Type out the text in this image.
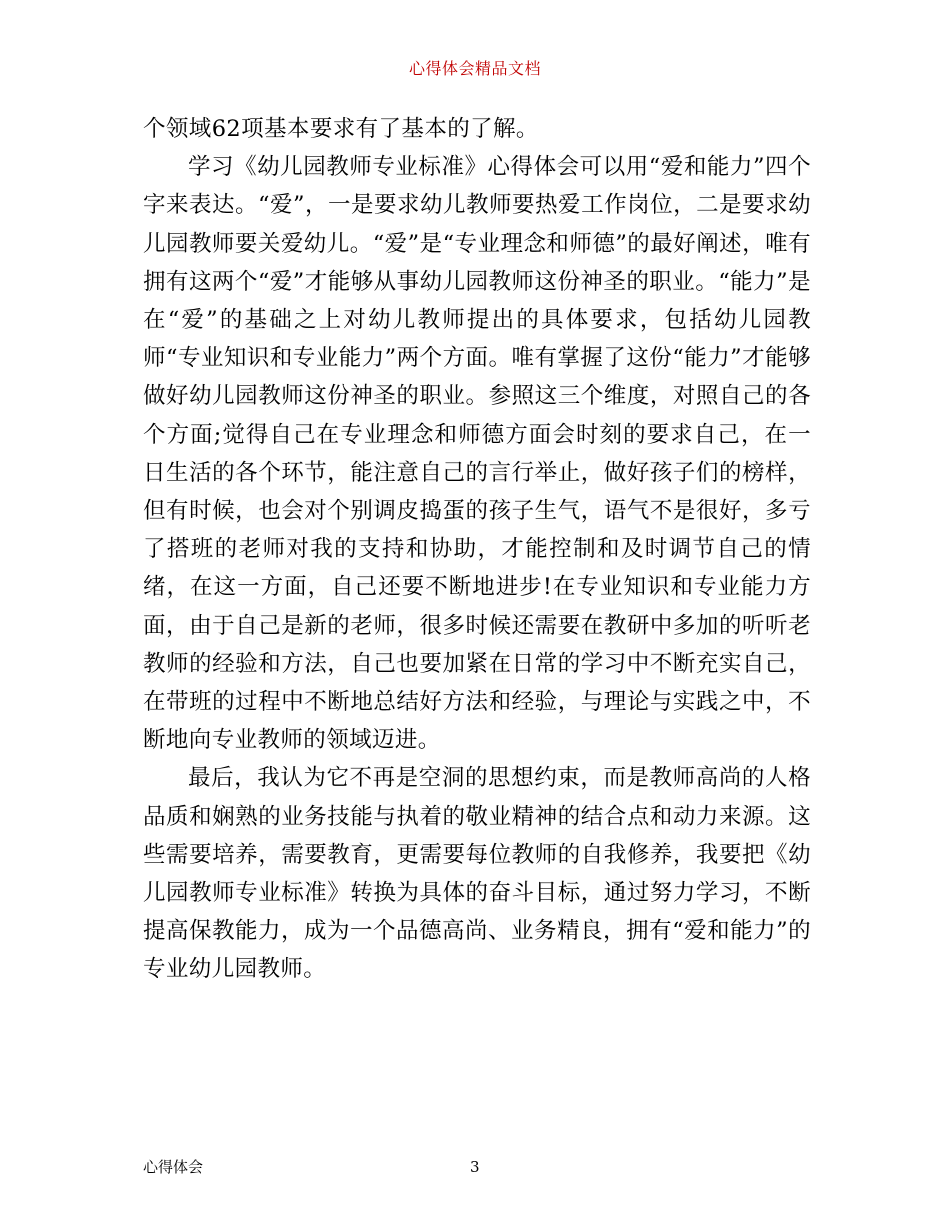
心得体会精品文档

个领域62项基本要求有了基本的了解。

学习《幼儿园教师专业标准》心得体会可以用“爱和能力”四个字来表达。“爱”，一是要求幼儿教师要热爱工作岗位，二是要求幼儿园教师要关爱幼儿。“爱”是“专业理念和师德”的最好阐述，唯有拥有这两个“爱”才能够从事幼儿园教师这份神圣的职业。“能力”是在“爱”的基础之上对幼儿教师提出的具体要求，包括幼儿园教师“专业知识和专业能力”两个方面。唯有掌握了这份“能力”才能够做好幼儿园教师这份神圣的职业。参照这三个维度，对照自己的各个方面;觉得自己在专业理念和师德方面会时刻的要求自己，在一日生活的各个环节，能注意自己的言行举止，做好孩子们的榜样，但有时候，也会对个别调皮捣蛋的孩子生气，语气不是很好，多亏了搭班的老师对我的支持和协助，才能控制和及时调节自己的情绪，在这一方面，自己还要不断地进步!在专业知识和专业能力方面，由于自己是新的老师，很多时候还需要在教研中多加的听听老教师的经验和方法，自己也要加紧在日常的学习中不断充实自己，在带班的过程中不断地总结好方法和经验，与理论与实践之中，不断地向专业教师的领域迈进。

最后，我认为它不再是空洞的思想约束，而是教师高尚的人格品质和娴熟的业务技能与执着的敬业精神的结合点和动力来源。这些需要培养，需要教育，更需要每位教师的自我修养，我要把《幼儿园教师专业标准》转换为具体的奋斗目标，通过努力学习，不断提高保教能力，成为一个品德高尚、业务精良，拥有“爱和能力”的专业幼儿园教师。

心得体会	3
